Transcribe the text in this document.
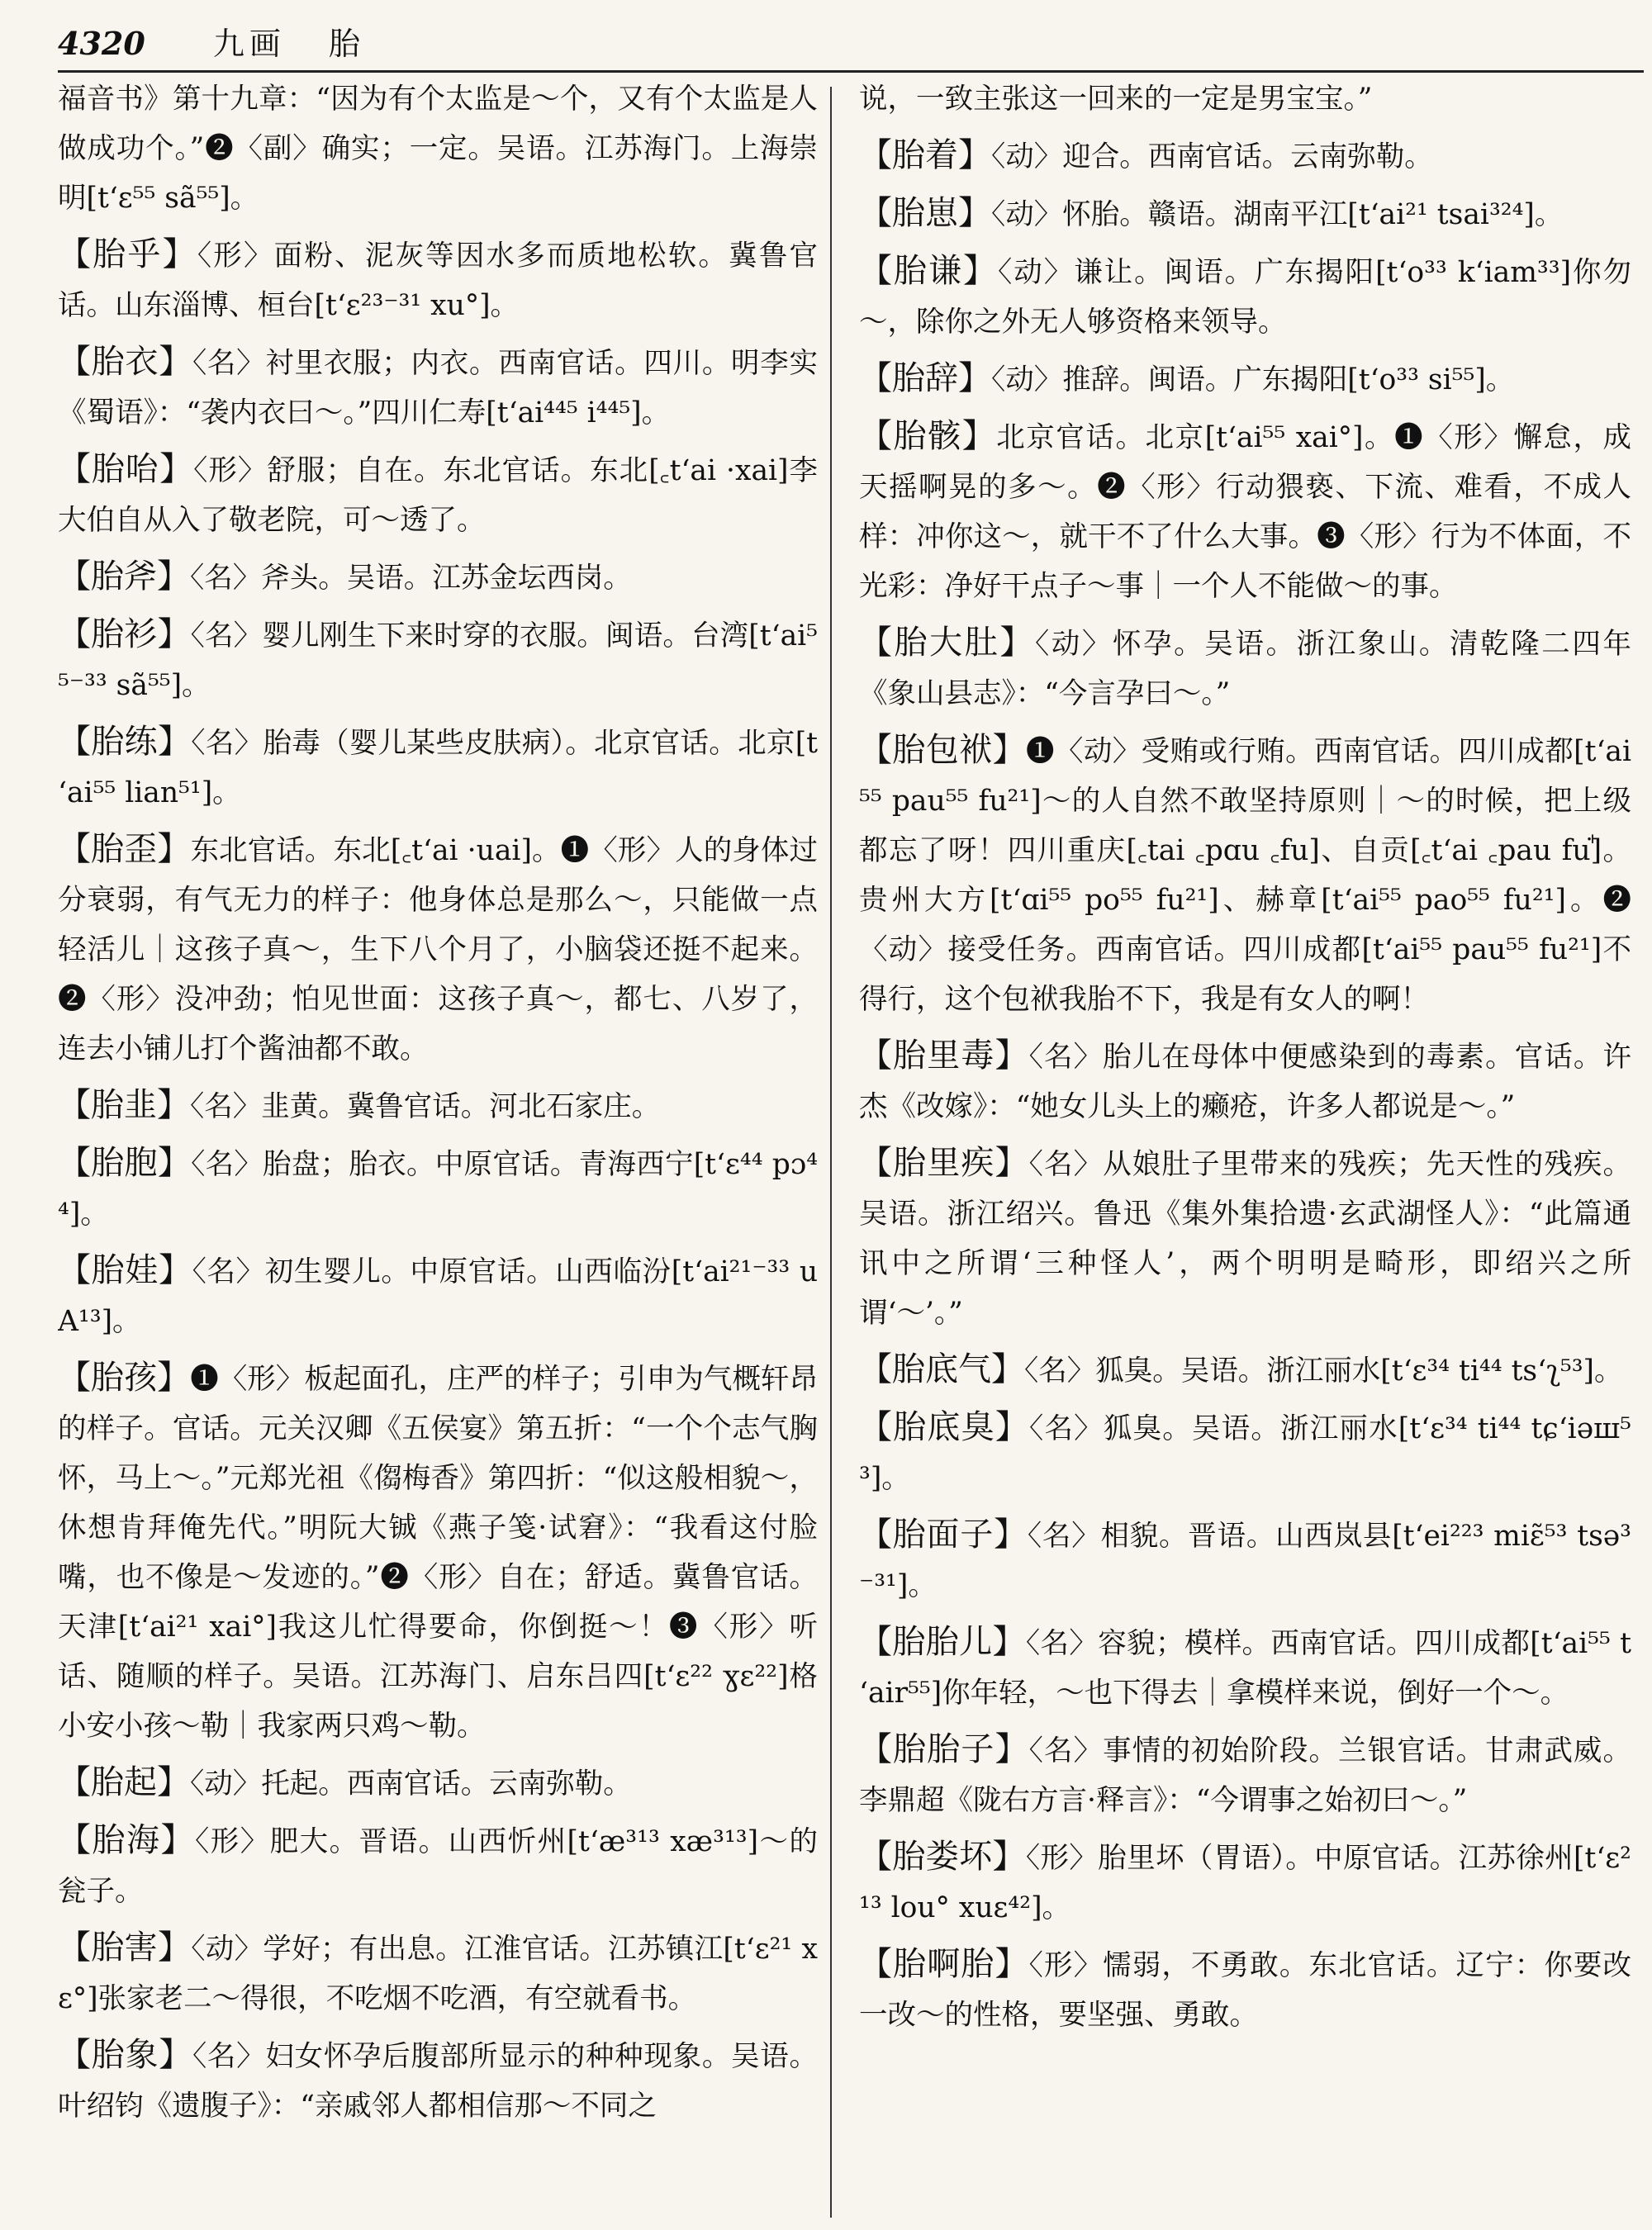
4320 九画 胎

福音书》第十九章：“因为有个太监是～个，又有个太监是人做成功个。”❷〈副〉确实；一定。吴语。江苏海门。上海崇明[tʻε⁵⁵ sã⁵⁵]。

【胎乎】〈形〉面粉、泥灰等因水多而质地松软。冀鲁官话。山东淄博、桓台[tʻε²³⁻³¹ xu°]。

【胎衣】〈名〉衬里衣服；内衣。西南官话。四川。明李实《蜀语》：“袭内衣曰～。”四川仁寿[tʻai⁴⁴⁵ i⁴⁴⁵]。

【胎咍】〈形〉舒服；自在。东北官话。东北[꜀tʻai ·xai]李大伯自从入了敬老院，可～透了。

【胎斧】〈名〉斧头。吴语。江苏金坛西岗。

【胎衫】〈名〉婴儿刚生下来时穿的衣服。闽语。台湾[tʻai⁵⁵⁻³³ sã⁵⁵]。

【胎练】〈名〉胎毒（婴儿某些皮肤病）。北京官话。北京[tʻai⁵⁵ lian⁵¹]。

【胎歪】东北官话。东北[꜀tʻai ·uai]。❶〈形〉人的身体过分衰弱，有气无力的样子：他身体总是那么～，只能做一点轻活儿｜这孩子真～，生下八个月了，小脑袋还挺不起来。❷〈形〉没冲劲；怕见世面：这孩子真～，都七、八岁了，连去小铺儿打个酱油都不敢。

【胎韭】〈名〉韭黄。冀鲁官话。河北石家庄。

【胎胞】〈名〉胎盘；胎衣。中原官话。青海西宁[tʻε⁴⁴ pɔ⁴⁴]。

【胎娃】〈名〉初生婴儿。中原官话。山西临汾[tʻai²¹⁻³³ uA¹³]。

【胎孩】❶〈形〉板起面孔，庄严的样子；引申为气概轩昂的样子。官话。元关汉卿《五侯宴》第五折：“一个个志气胸怀，马上～。”元郑光祖《㑳梅香》第四折：“似这般相貌～，休想肯拜俺先代。”明阮大铖《燕子笺·试窘》：“我看这付脸嘴，也不像是～发迹的。”❷〈形〉自在；舒适。冀鲁官话。天津[tʻai²¹ xai°]我这儿忙得要命，你倒挺～！❸〈形〉听话、随顺的样子。吴语。江苏海门、启东吕四[tʻε²² ɣε²²]格小安小孩～勒｜我家两只鸡～勒。

【胎起】〈动〉托起。西南官话。云南弥勒。

【胎海】〈形〉肥大。晋语。山西忻州[tʻæ³¹³ xæ³¹³]～的瓮子。

【胎害】〈动〉学好；有出息。江淮官话。江苏镇江[tʻε²¹ xε°]张家老二～得很，不吃烟不吃酒，有空就看书。

【胎象】〈名〉妇女怀孕后腹部所显示的种种现象。吴语。叶绍钧《遗腹子》：“亲戚邻人都相信那～不同之

说，一致主张这一回来的一定是男宝宝。”

【胎着】〈动〉迎合。西南官话。云南弥勒。

【胎崽】〈动〉怀胎。赣语。湖南平江[tʻai²¹ tsai³²⁴]。

【胎谦】〈动〉谦让。闽语。广东揭阳[tʻo³³ kʻiam³³]你勿～，除你之外无人够资格来领导。

【胎辞】〈动〉推辞。闽语。广东揭阳[tʻo³³ si⁵⁵]。

【胎骸】北京官话。北京[tʻai⁵⁵ xai°]。❶〈形〉懈怠，成天摇啊晃的多～。❷〈形〉行动猥亵、下流、难看，不成人样：冲你这～，就干不了什么大事。❸〈形〉行为不体面，不光彩：净好干点子～事｜一个人不能做～的事。

【胎大肚】〈动〉怀孕。吴语。浙江象山。清乾隆二四年《象山县志》：“今言孕曰～。”

【胎包袱】❶〈动〉受贿或行贿。西南官话。四川成都[tʻai⁵⁵ pau⁵⁵ fu²¹]～的人自然不敢坚持原则｜～的时候，把上级都忘了呀！四川重庆[꜀tai ꜀pɑu ꜀fu]、自贡[꜀tʻai ꜀pau fuꜗ]。贵州大方[tʻɑi⁵⁵ po⁵⁵ fu²¹]、赫章[tʻai⁵⁵ pao⁵⁵ fu²¹]。❷〈动〉接受任务。西南官话。四川成都[tʻai⁵⁵ pau⁵⁵ fu²¹]不得行，这个包袱我胎不下，我是有女人的啊！

【胎里毒】〈名〉胎儿在母体中便感染到的毒素。官话。许杰《改嫁》：“她女儿头上的癞疮，许多人都说是～。”

【胎里疾】〈名〉从娘肚子里带来的残疾；先天性的残疾。吴语。浙江绍兴。鲁迅《集外集拾遗·玄武湖怪人》：“此篇通讯中之所谓‘三种怪人’，两个明明是畸形，即绍兴之所谓‘～’。”

【胎底气】〈名〉狐臭。吴语。浙江丽水[tʻε³⁴ ti⁴⁴ tsʻʅ⁵³]。

【胎底臭】〈名〉狐臭。吴语。浙江丽水[tʻε³⁴ ti⁴⁴ tɕʻiəш⁵³]。

【胎面子】〈名〉相貌。晋语。山西岚县[tʻei²²³ miɛ̃⁵³ tsə³⁻³¹]。

【胎胎儿】〈名〉容貌；模样。西南官话。四川成都[tʻai⁵⁵ tʻair⁵⁵]你年轻，～也下得去｜拿模样来说，倒好一个～。

【胎胎子】〈名〉事情的初始阶段。兰银官话。甘肃武威。李鼎超《陇右方言·释言》：“今谓事之始初曰～。”

【胎娄坏】〈形〉胎里坏（胃语）。中原官话。江苏徐州[tʻε²¹³ lou° xuε⁴²]。

【胎啊胎】〈形〉懦弱，不勇敢。东北官话。辽宁：你要改一改～的性格，要坚强、勇敢。
